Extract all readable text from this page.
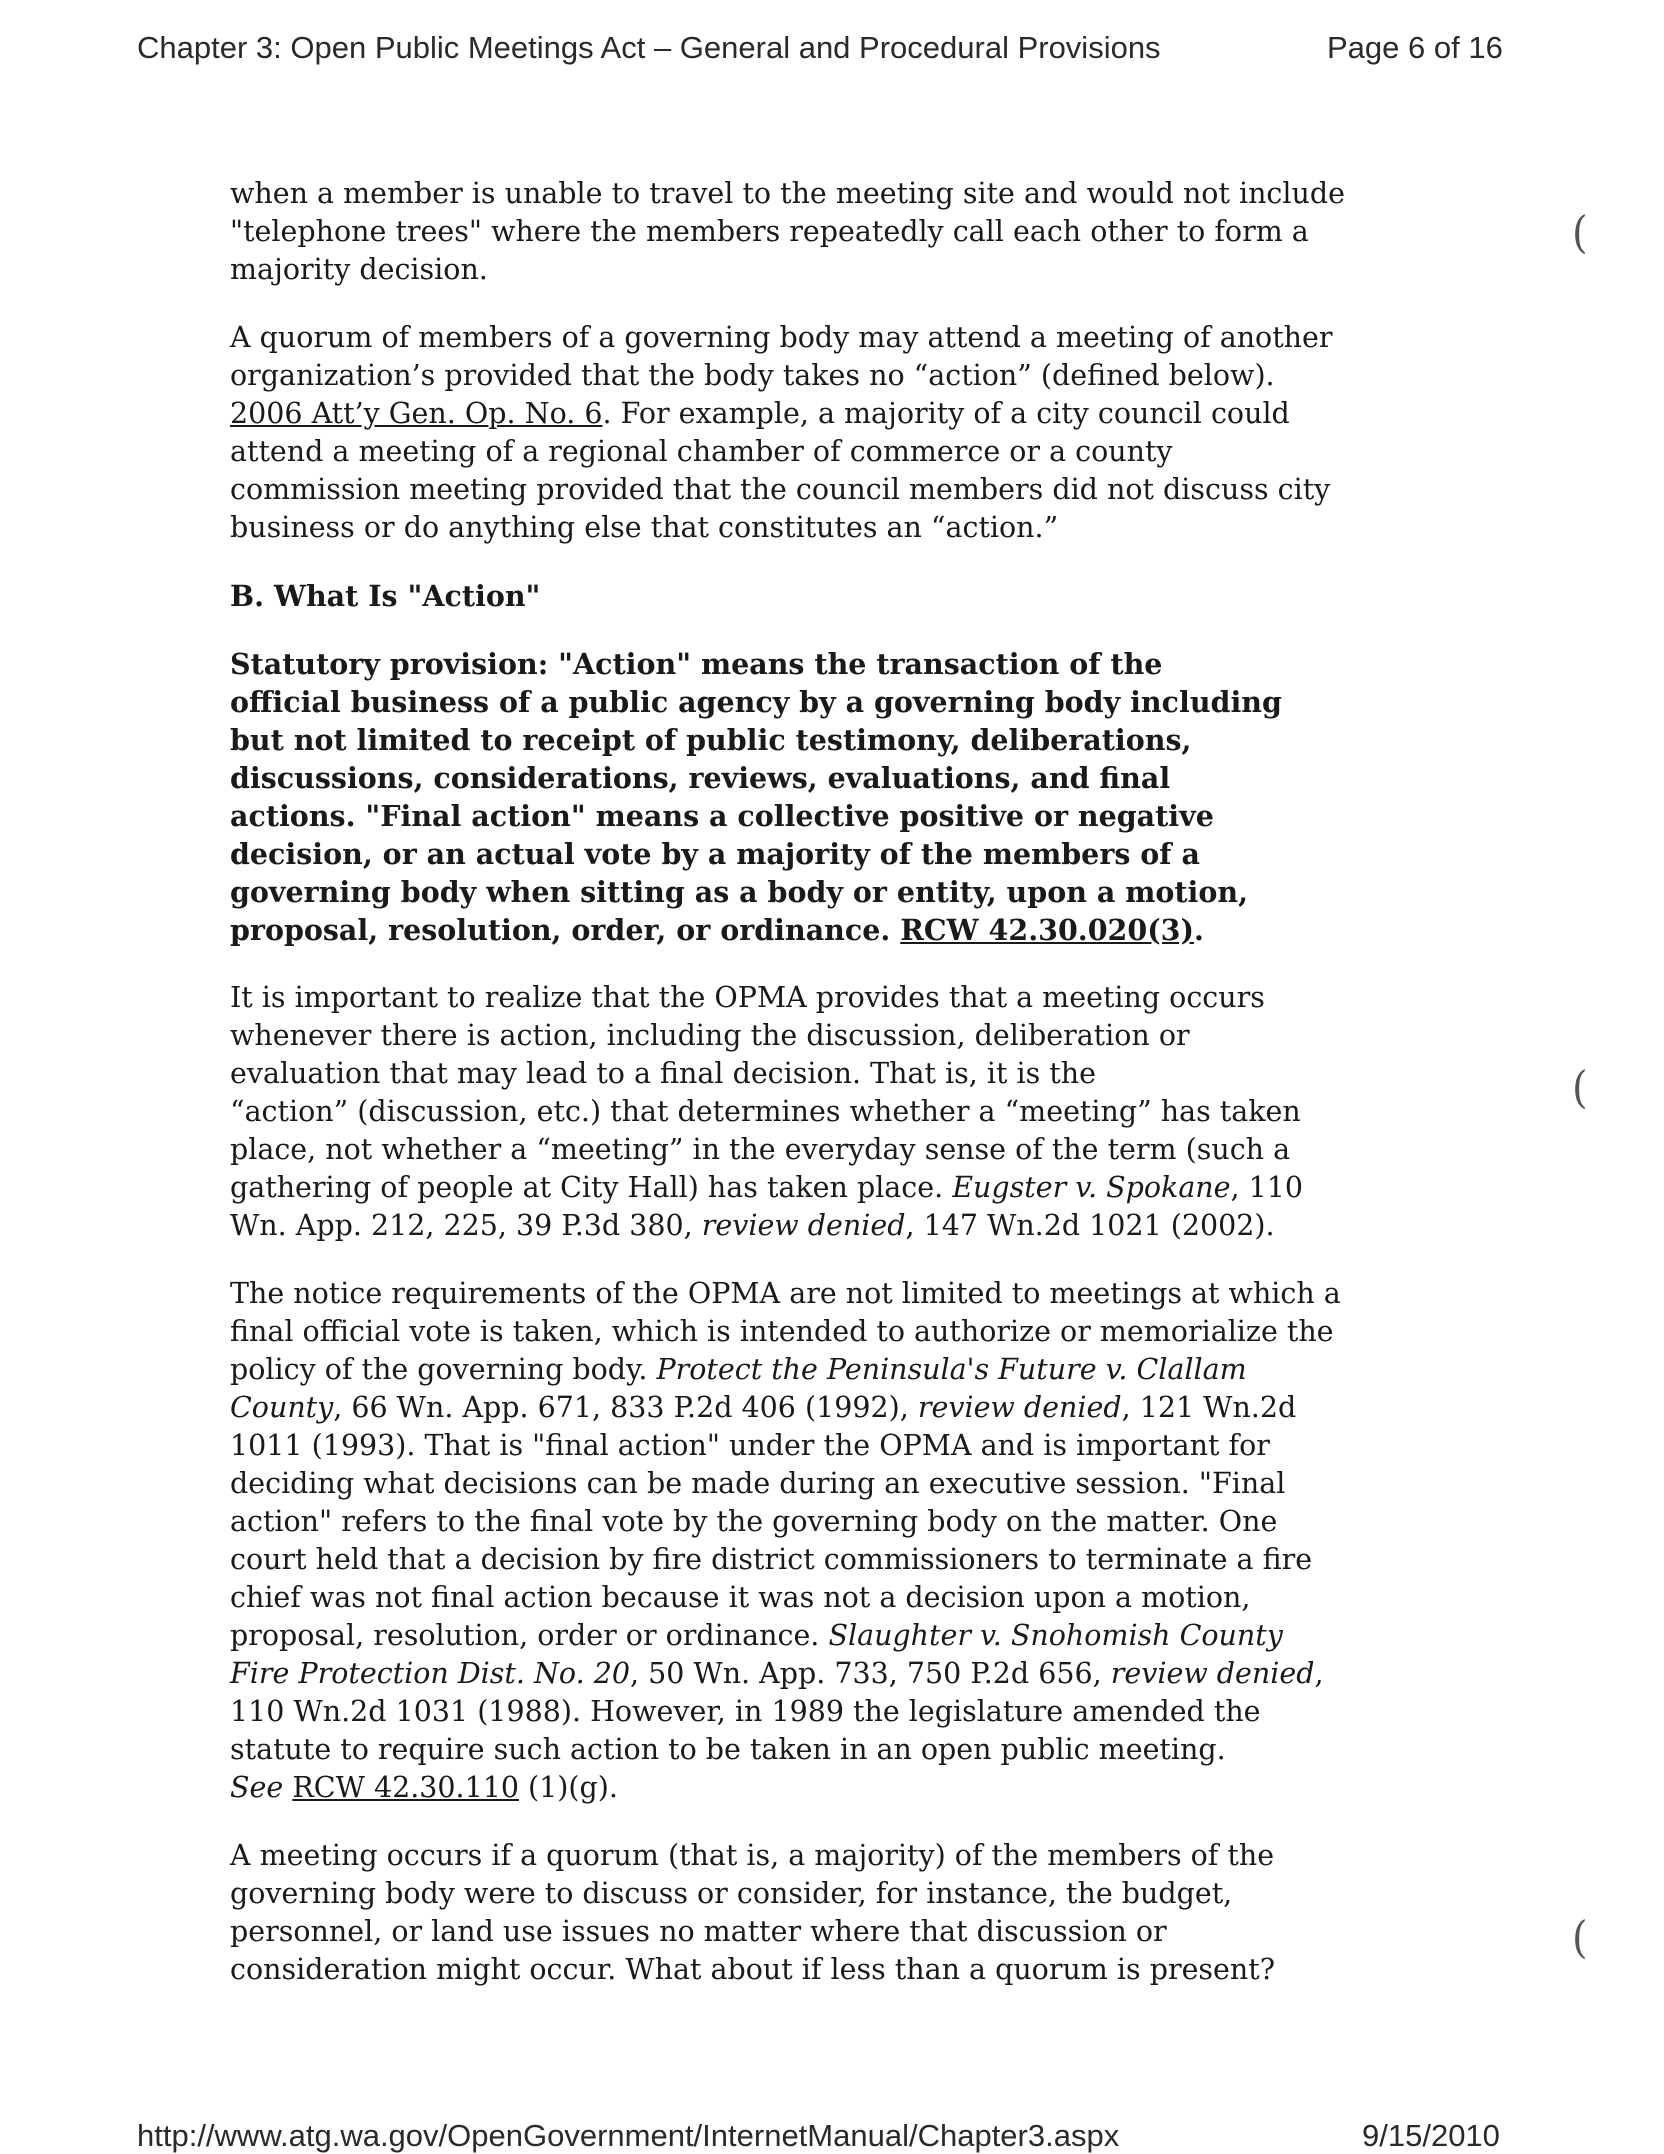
Chapter 3: Open Public Meetings Act – General and Procedural Provisions	Page 6 of 16
when a member is unable to travel to the meeting site and would not include
"telephone trees" where the members repeatedly call each other to form a
majority decision.
A quorum of members of a governing body may attend a meeting of another
organization’s provided that the body takes no “action” (defined below).
2006 Att’y Gen. Op. No. 6. For example, a majority of a city council could
attend a meeting of a regional chamber of commerce or a county
commission meeting provided that the council members did not discuss city
business or do anything else that constitutes an “action.”
B. What Is "Action"
Statutory provision: "Action" means the transaction of the
official business of a public agency by a governing body including
but not limited to receipt of public testimony, deliberations,
discussions, considerations, reviews, evaluations, and final
actions. "Final action" means a collective positive or negative
decision, or an actual vote by a majority of the members of a
governing body when sitting as a body or entity, upon a motion,
proposal, resolution, order, or ordinance. RCW 42.30.020(3).
It is important to realize that the OPMA provides that a meeting occurs
whenever there is action, including the discussion, deliberation or
evaluation that may lead to a final decision. That is, it is the
“action” (discussion, etc.) that determines whether a “meeting” has taken
place, not whether a “meeting” in the everyday sense of the term (such a
gathering of people at City Hall) has taken place. Eugster v. Spokane, 110
Wn. App. 212, 225, 39 P.3d 380, review denied, 147 Wn.2d 1021 (2002).
The notice requirements of the OPMA are not limited to meetings at which a
final official vote is taken, which is intended to authorize or memorialize the
policy of the governing body. Protect the Peninsula's Future v. Clallam
County, 66 Wn. App. 671, 833 P.2d 406 (1992), review denied, 121 Wn.2d
1011 (1993). That is "final action" under the OPMA and is important for
deciding what decisions can be made during an executive session. "Final
action" refers to the final vote by the governing body on the matter. One
court held that a decision by fire district commissioners to terminate a fire
chief was not final action because it was not a decision upon a motion,
proposal, resolution, order or ordinance. Slaughter v. Snohomish County
Fire Protection Dist. No. 20, 50 Wn. App. 733, 750 P.2d 656, review denied,
110 Wn.2d 1031 (1988). However, in 1989 the legislature amended the
statute to require such action to be taken in an open public meeting.
See RCW 42.30.110 (1)(g).
A meeting occurs if a quorum (that is, a majority) of the members of the
governing body were to discuss or consider, for instance, the budget,
personnel, or land use issues no matter where that discussion or
consideration might occur. What about if less than a quorum is present?
(
(
(
http://www.atg.wa.gov/OpenGovernment/InternetManual/Chapter3.aspx	9/15/2010
